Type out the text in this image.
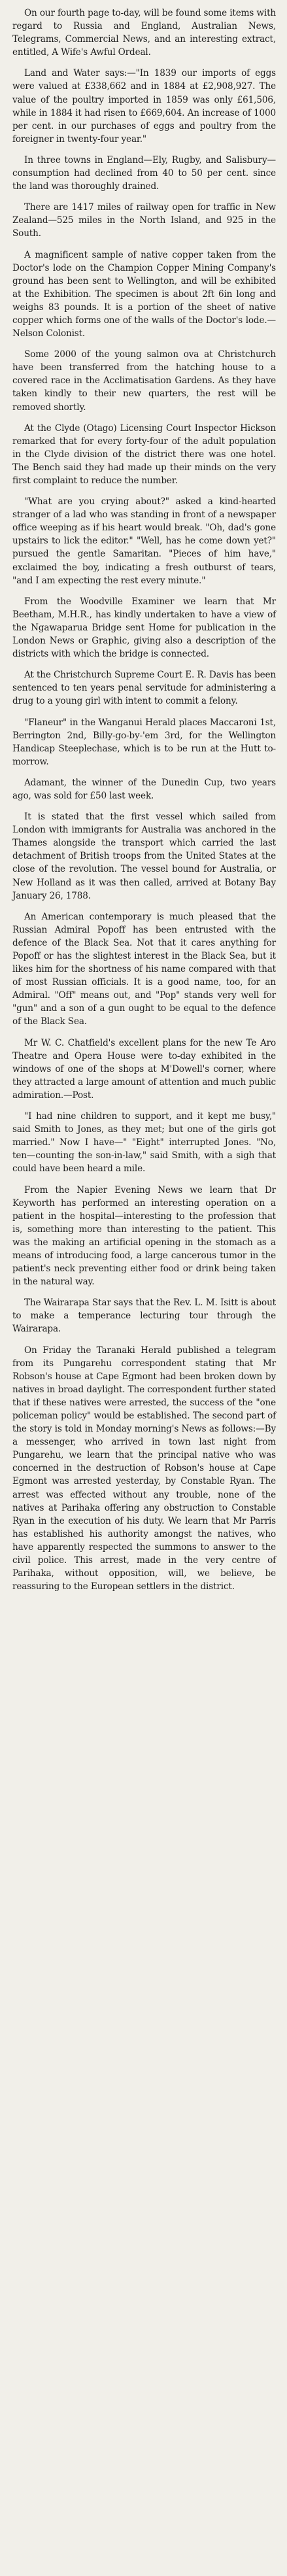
On our fourth page to-day, will be found some items with regard to Russia and England, Australian News, Telegrams, Commercial News, and an interesting extract, entitled, A Wife's Awful Ordeal.

Land and Water says:—"In 1839 our imports of eggs were valued at £338,662 and in 1884 at £2,908,927. The value of the poultry imported in 1859 was only £61,506, while in 1884 it had risen to £669,604. An increase of 1000 per cent. in our purchases of eggs and poultry from the foreigner in twenty-four year."

In three towns in England—Ely, Rugby, and Salisbury—consumption had declined from 40 to 50 per cent. since the land was thoroughly drained.

There are 1417 miles of railway open for traffic in New Zealand—525 miles in the North Island, and 925 in the South.

A magnificent sample of native copper taken from the Doctor's lode on the Champion Copper Mining Company's ground has been sent to Wellington, and will be exhibited at the Exhibition. The specimen is about 2ft 6in long and weighs 83 pounds. It is a portion of the sheet of native copper which forms one of the walls of the Doctor's lode.—Nelson Colonist.

Some 2000 of the young salmon ova at Christchurch have been transferred from the hatching house to a covered race in the Acclimatisation Gardens. As they have taken kindly to their new quarters, the rest will be removed shortly.

At the Clyde (Otago) Licensing Court Inspector Hickson remarked that for every forty-four of the adult population in the Clyde division of the district there was one hotel. The Bench said they had made up their minds on the very first complaint to reduce the number.

"What are you crying about?" asked a kind-hearted stranger of a lad who was standing in front of a newspaper office weeping as if his heart would break. "Oh, dad's gone upstairs to lick the editor." "Well, has he come down yet?" pursued the gentle Samaritan. "Pieces of him have," exclaimed the boy, indicating a fresh outburst of tears, "and I am expecting the rest every minute."

From the Woodville Examiner we learn that Mr Beetham, M.H.R., has kindly undertaken to have a view of the Ngawaparua Bridge sent Home for publication in the London News or Graphic, giving also a description of the districts with which the bridge is connected.

At the Christchurch Supreme Court E. R. Davis has been sentenced to ten years penal servitude for administering a drug to a young girl with intent to commit a felony.

"Flaneur" in the Wanganui Herald places Maccaroni 1st, Berrington 2nd, Billy-go-by-'em 3rd, for the Wellington Handicap Steeplechase, which is to be run at the Hutt to-morrow.

Adamant, the winner of the Dunedin Cup, two years ago, was sold for £50 last week.

It is stated that the first vessel which sailed from London with immigrants for Australia was anchored in the Thames alongside the transport which carried the last detachment of British troops from the United States at the close of the revolution. The vessel bound for Australia, or New Holland as it was then called, arrived at Botany Bay January 26, 1788.

An American contemporary is much pleased that the Russian Admiral Popoff has been entrusted with the defence of the Black Sea. Not that it cares anything for Popoff or has the slightest interest in the Black Sea, but it likes him for the shortness of his name compared with that of most Russian officials. It is a good name, too, for an Admiral. "Off" means out, and "Pop" stands very well for "gun" and a son of a gun ought to be equal to the defence of the Black Sea.

Mr W. C. Chatfield's excellent plans for the new Te Aro Theatre and Opera House were to-day exhibited in the windows of one of the shops at M'Dowell's corner, where they attracted a large amount of attention and much public admiration.—Post.

"I had nine children to support, and it kept me busy," said Smith to Jones, as they met; but one of the girls got married." Now I have—" "Eight" interrupted Jones. "No, ten—counting the son-in-law," said Smith, with a sigh that could have been heard a mile.

From the Napier Evening News we learn that Dr Keyworth has performed an interesting operation on a patient in the hospital—interesting to the profession that is, something more than interesting to the patient. This was the making an artificial opening in the stomach as a means of introducing food, a large cancerous tumor in the patient's neck preventing either food or drink being taken in the natural way.

The Wairarapa Star says that the Rev. L. M. Isitt is about to make a temperance lecturing tour through the Wairarapa.

On Friday the Taranaki Herald published a telegram from its Pungarehu correspondent stating that Mr Robson's house at Cape Egmont had been broken down by natives in broad daylight. The correspondent further stated that if these natives were arrested, the success of the "one policeman policy" would be established. The second part of the story is told in Monday morning's News as follows:—By a messenger, who arrived in town last night from Pungarehu, we learn that the principal native who was concerned in the destruction of Robson's house at Cape Egmont was arrested yesterday, by Constable Ryan. The arrest was effected without any trouble, none of the natives at Parihaka offering any obstruction to Constable Ryan in the execution of his duty. We learn that Mr Parris has established his authority amongst the natives, who have apparently respected the summons to answer to the civil police. This arrest, made in the very centre of Parihaka, without opposition, will, we believe, be reassuring to the European settlers in the district.
